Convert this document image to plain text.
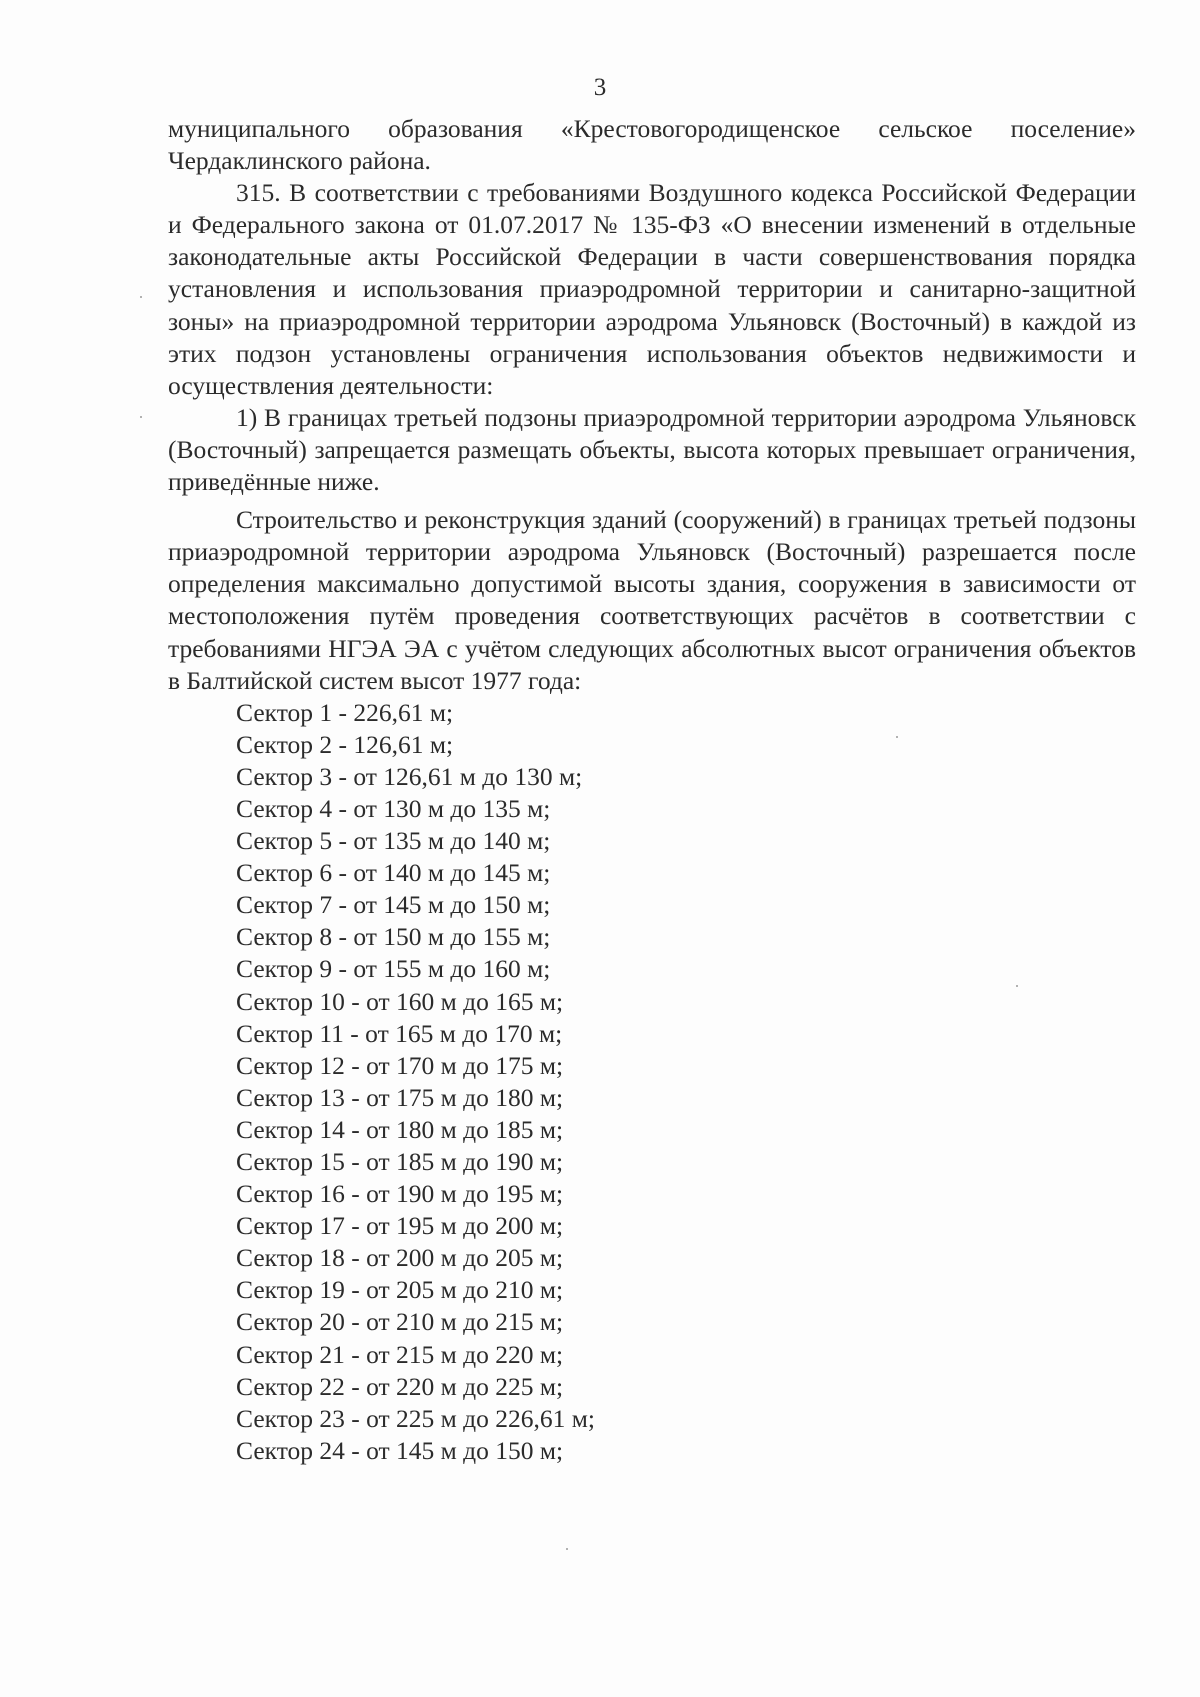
3

муниципального образования «Крестовогородищенское сельское поселение» Чердаклинского района.

315. В соответствии с требованиями Воздушного кодекса Российской Федерации и Федерального закона от 01.07.2017 № 135-ФЗ «О внесении изменений в отдельные законодательные акты Российской Федерации в части совершенствования порядка установления и использования приаэродромной территории и санитарно-защитной зоны» на приаэродромной территории аэродрома Ульяновск (Восточный) в каждой из этих подзон установлены ограничения использования объектов недвижимости и осуществления деятельности:

1) В границах третьей подзоны приаэродромной территории аэродрома Ульяновск (Восточный) запрещается размещать объекты, высота которых превышает ограничения, приведённые ниже.

Строительство и реконструкция зданий (сооружений) в границах третьей подзоны приаэродромной территории аэродрома Ульяновск (Восточный) разрешается после определения максимально допустимой высоты здания, сооружения в зависимости от местоположения путём проведения соответствующих расчётов в соответствии с требованиями НГЭА ЭА с учётом следующих абсолютных высот ограничения объектов в Балтийской систем высот 1977 года:

Сектор 1 - 226,61 м;
Сектор 2 - 126,61 м;
Сектор 3 - от 126,61 м до 130 м;
Сектор 4 - от 130 м до 135 м;
Сектор 5 - от 135 м до 140 м;
Сектор 6 - от 140 м до 145 м;
Сектор 7 - от 145 м до 150 м;
Сектор 8 - от 150 м до 155 м;
Сектор 9 - от 155 м до 160 м;
Сектор 10 - от 160 м до 165 м;
Сектор 11 - от 165 м до 170 м;
Сектор 12 - от 170 м до 175 м;
Сектор 13 - от 175 м до 180 м;
Сектор 14 - от 180 м до 185 м;
Сектор 15 - от 185 м до 190 м;
Сектор 16 - от 190 м до 195 м;
Сектор 17 - от 195 м до 200 м;
Сектор 18 - от 200 м до 205 м;
Сектор 19 - от 205 м до 210 м;
Сектор 20 - от 210 м до 215 м;
Сектор 21 - от 215 м до 220 м;
Сектор 22 - от 220 м до 225 м;
Сектор 23 - от 225 м до 226,61 м;
Сектор 24 - от 145 м до 150 м;
